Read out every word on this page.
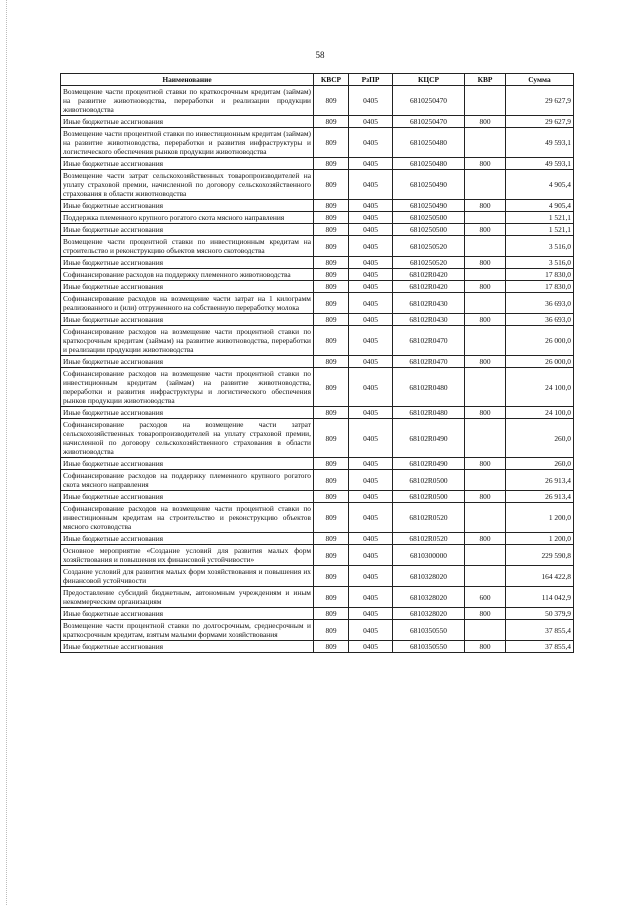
58
Наименование	КВСР	РзПР	КЦСР	КВР	Сумма
Возмещение части процентной ставки по краткосрочным кредитам (займам) на развитие животноводства, переработки и реализации продукции животноводства	809	0405	6810250470		29 627,9
Иные бюджетные ассигнования	809	0405	6810250470	800	29 627,9
Возмещение части процентной ставки по инвестиционным кредитам (займам) на развитие животноводства, переработки и развития инфраструктуры и логистического обеспечения рынков продукции животноводства	809	0405	6810250480		49 593,1
Иные бюджетные ассигнования	809	0405	6810250480	800	49 593,1
Возмещение части затрат сельскохозяйственных товаропроизводителей на уплату страховой премии, начисленной по договору сельскохозяйственного страхования в области животноводства	809	0405	6810250490		4 905,4
Иные бюджетные ассигнования	809	0405	6810250490	800	4 905,4
Поддержка племенного крупного рогатого скота мясного направления	809	0405	6810250500		1 521,1
Иные бюджетные ассигнования	809	0405	6810250500	800	1 521,1
Возмещение части процентной ставки по инвестиционным кредитам на строительство и реконструкцию объектов мясного скотоводства	809	0405	6810250520		3 516,0
Иные бюджетные ассигнования	809	0405	6810250520	800	3 516,0
Софинансирование расходов на поддержку племенного животноводства	809	0405	68102R0420		17 830,0
Иные бюджетные ассигнования	809	0405	68102R0420	800	17 830,0
Софинансирование расходов на возмещение части затрат на 1 килограмм реализованного и (или) отгруженного на собственную переработку молока	809	0405	68102R0430		36 693,0
Иные бюджетные ассигнования	809	0405	68102R0430	800	36 693,0
Софинансирование расходов на возмещение части процентной ставки по краткосрочным кредитам (займам) на развитие животноводства, переработки и реализации продукции животноводства	809	0405	68102R0470		26 000,0
Иные бюджетные ассигнования	809	0405	68102R0470	800	26 000,0
Софинансирование расходов на возмещение части процентной ставки по инвестиционным кредитам (займам) на развитие животноводства, переработки и развития инфраструктуры и логистического обеспечения рынков продукции животноводства	809	0405	68102R0480		24 100,0
Иные бюджетные ассигнования	809	0405	68102R0480	800	24 100,0
Софинансирование расходов на возмещение части затрат сельскохозяйственных товаропроизводителей на уплату страховой премии, начисленной по договору сельскохозяйственного страхования в области животноводства	809	0405	68102R0490		260,0
Иные бюджетные ассигнования	809	0405	68102R0490	800	260,0
Софинансирование расходов на поддержку племенного крупного рогатого скота мясного направления	809	0405	68102R0500		26 913,4
Иные бюджетные ассигнования	809	0405	68102R0500	800	26 913,4
Софинансирование расходов на возмещение части процентной ставки по инвестиционным кредитам на строительство и реконструкцию объектов мясного скотоводства	809	0405	68102R0520		1 200,0
Иные бюджетные ассигнования	809	0405	68102R0520	800	1 200,0
Основное мероприятие «Создание условий для развития малых форм хозяйствования и повышения их финансовой устойчивости»	809	0405	6810300000		229 590,8
Создание условий для развития малых форм хозяйствования и повышения их финансовой устойчивости	809	0405	6810328020		164 422,8
Предоставление субсидий бюджетным, автономным учреждениям и иным некоммерческим организациям	809	0405	6810328020	600	114 042,9
Иные бюджетные ассигнования	809	0405	6810328020	800	50 379,9
Возмещение части процентной ставки по долгосрочным, среднесрочным и краткосрочным кредитам, взятым малыми формами хозяйствования	809	0405	6810350550		37 855,4
Иные бюджетные ассигнования	809	0405	6810350550	800	37 855,4
